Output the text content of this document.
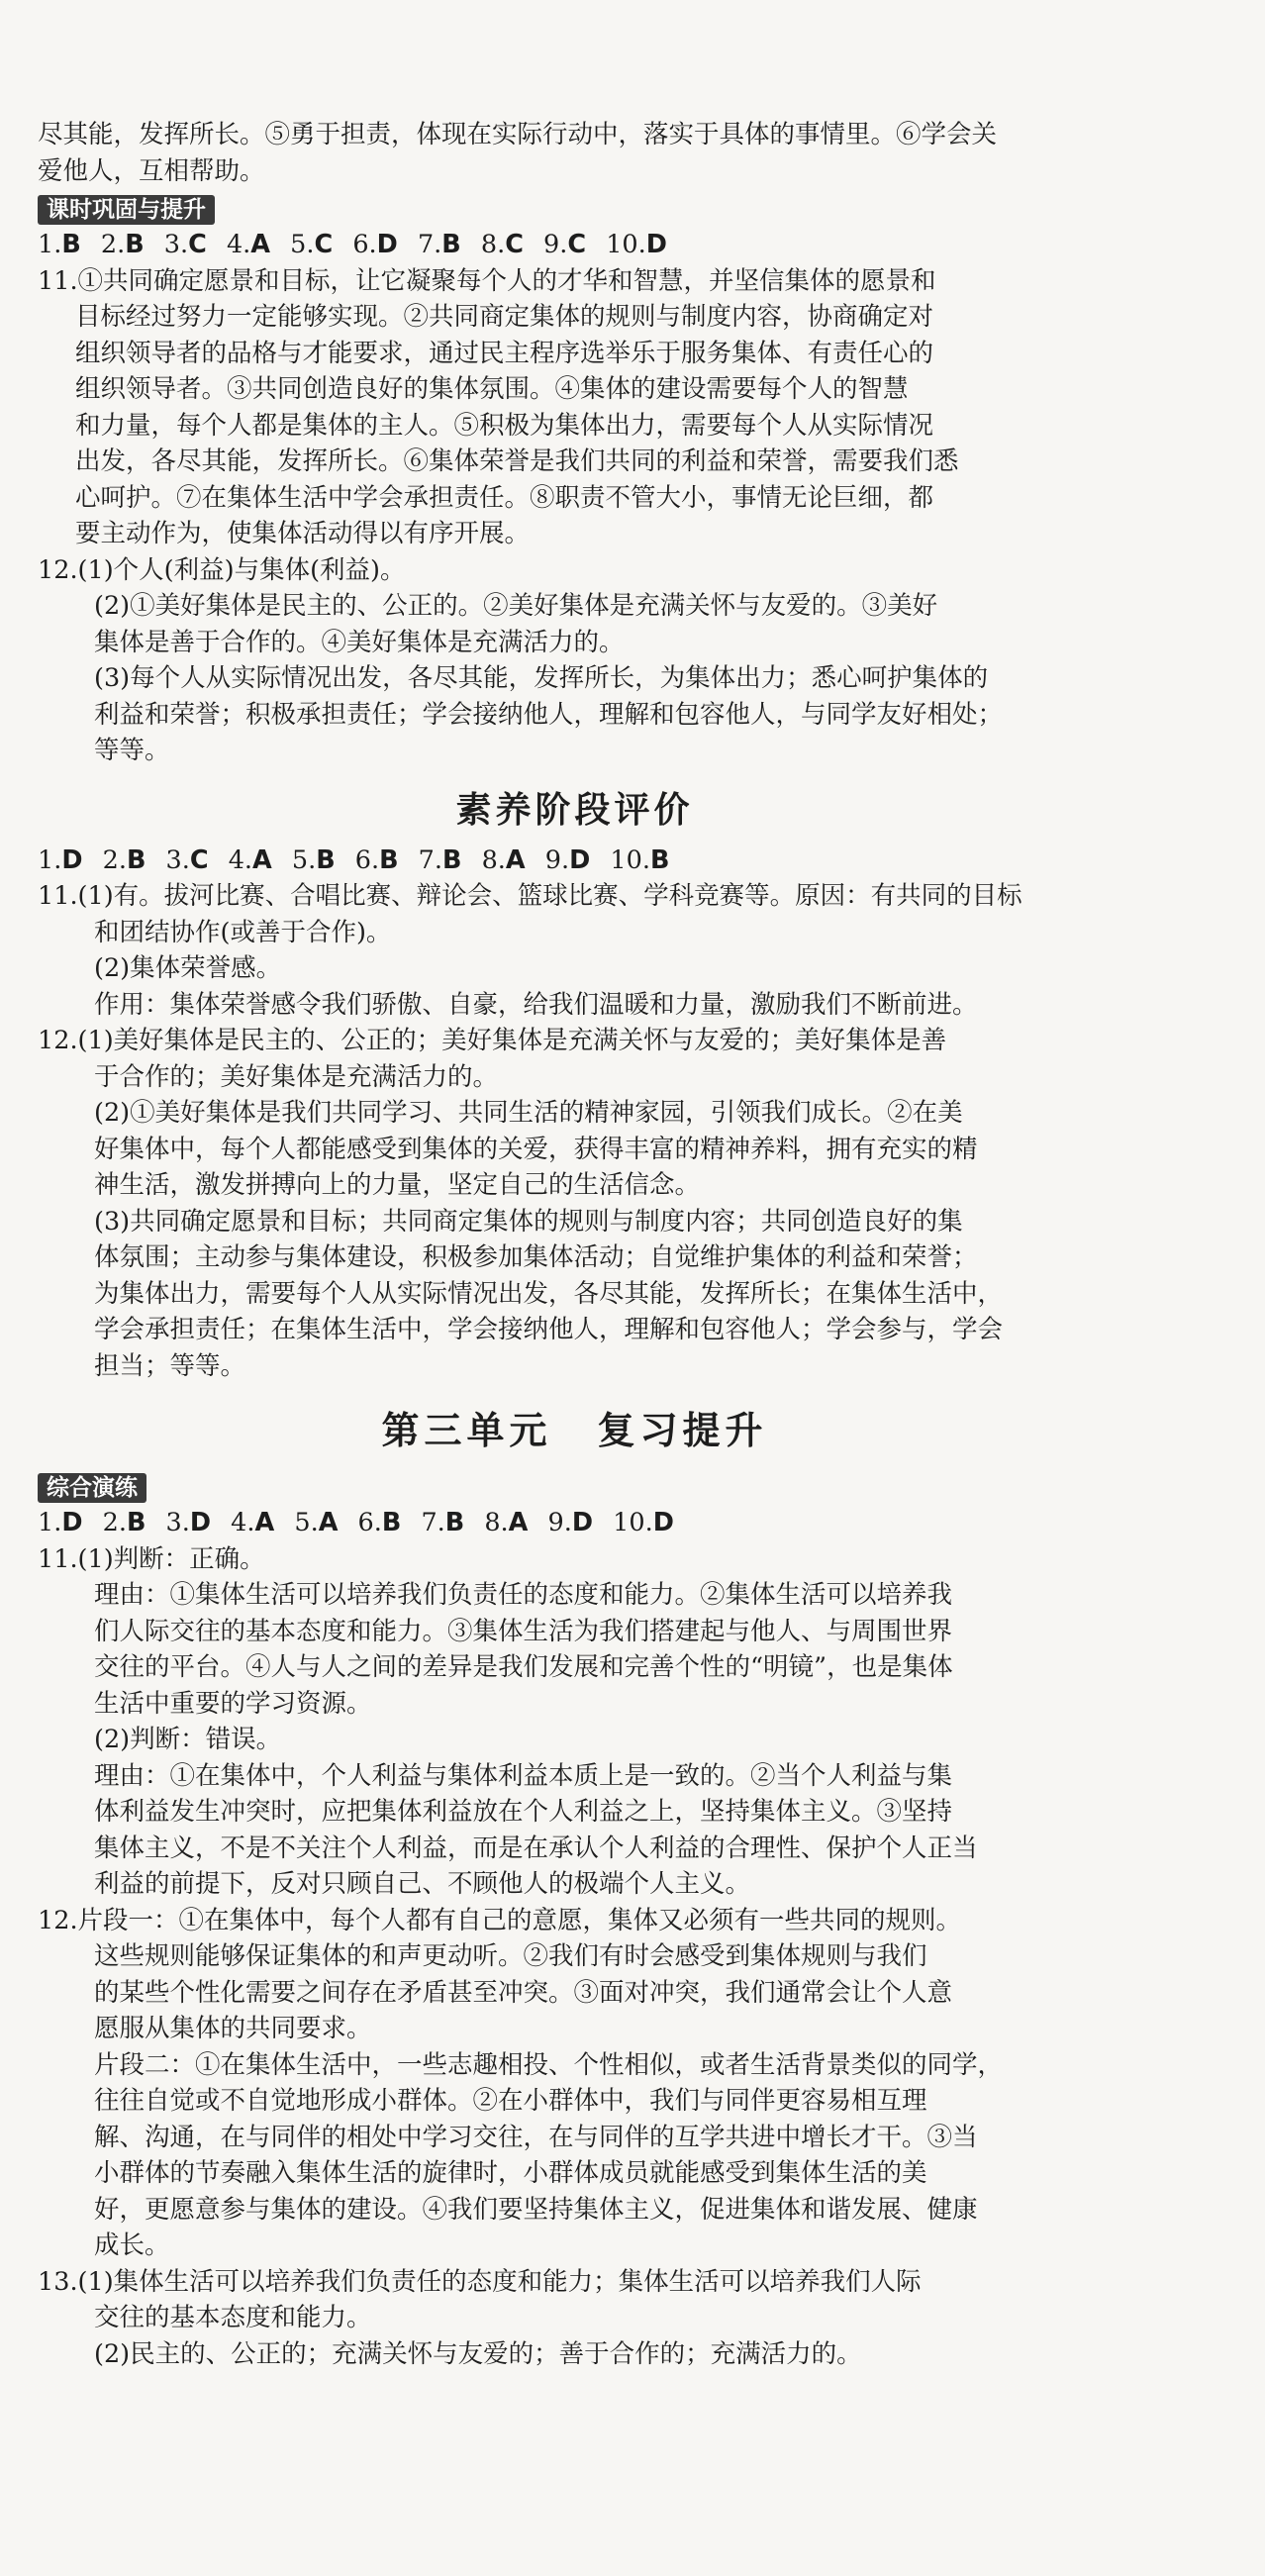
尽其能，发挥所长。⑤勇于担责，体现在实际行动中，落实于具体的事情里。⑥学会关
爱他人，互相帮助。
课时巩固与提升
1.B 2.B 3.C 4.A 5.C 6.D 7.B 8.C 9.C 10.D
11.①共同确定愿景和目标，让它凝聚每个人的才华和智慧，并坚信集体的愿景和
目标经过努力一定能够实现。②共同商定集体的规则与制度内容，协商确定对
组织领导者的品格与才能要求，通过民主程序选举乐于服务集体、有责任心的
组织领导者。③共同创造良好的集体氛围。④集体的建设需要每个人的智慧
和力量，每个人都是集体的主人。⑤积极为集体出力，需要每个人从实际情况
出发，各尽其能，发挥所长。⑥集体荣誉是我们共同的利益和荣誉，需要我们悉
心呵护。⑦在集体生活中学会承担责任。⑧职责不管大小，事情无论巨细，都
要主动作为，使集体活动得以有序开展。
12.(1)个人(利益)与集体(利益)。
(2)①美好集体是民主的、公正的。②美好集体是充满关怀与友爱的。③美好
集体是善于合作的。④美好集体是充满活力的。
(3)每个人从实际情况出发，各尽其能，发挥所长，为集体出力；悉心呵护集体的
利益和荣誉；积极承担责任；学会接纳他人，理解和包容他人，与同学友好相处；
等等。
素养阶段评价
1.D 2.B 3.C 4.A 5.B 6.B 7.B 8.A 9.D 10.B
11.(1)有。拔河比赛、合唱比赛、辩论会、篮球比赛、学科竞赛等。原因：有共同的目标
和团结协作(或善于合作)。
(2)集体荣誉感。
作用：集体荣誉感令我们骄傲、自豪，给我们温暖和力量，激励我们不断前进。
12.(1)美好集体是民主的、公正的；美好集体是充满关怀与友爱的；美好集体是善
于合作的；美好集体是充满活力的。
(2)①美好集体是我们共同学习、共同生活的精神家园，引领我们成长。②在美
好集体中，每个人都能感受到集体的关爱，获得丰富的精神养料，拥有充实的精
神生活，激发拼搏向上的力量，坚定自己的生活信念。
(3)共同确定愿景和目标；共同商定集体的规则与制度内容；共同创造良好的集
体氛围；主动参与集体建设，积极参加集体活动；自觉维护集体的利益和荣誉；
为集体出力，需要每个人从实际情况出发，各尽其能，发挥所长；在集体生活中，
学会承担责任；在集体生活中，学会接纳他人，理解和包容他人；学会参与，学会
担当；等等。
第三单元 复习提升
综合演练
1.D 2.B 3.D 4.A 5.A 6.B 7.B 8.A 9.D 10.D
11.(1)判断：正确。
理由：①集体生活可以培养我们负责任的态度和能力。②集体生活可以培养我
们人际交往的基本态度和能力。③集体生活为我们搭建起与他人、与周围世界
交往的平台。④人与人之间的差异是我们发展和完善个性的“明镜”，也是集体
生活中重要的学习资源。
(2)判断：错误。
理由：①在集体中，个人利益与集体利益本质上是一致的。②当个人利益与集
体利益发生冲突时，应把集体利益放在个人利益之上，坚持集体主义。③坚持
集体主义，不是不关注个人利益，而是在承认个人利益的合理性、保护个人正当
利益的前提下，反对只顾自己、不顾他人的极端个人主义。
12.片段一：①在集体中，每个人都有自己的意愿，集体又必须有一些共同的规则。
这些规则能够保证集体的和声更动听。②我们有时会感受到集体规则与我们
的某些个性化需要之间存在矛盾甚至冲突。③面对冲突，我们通常会让个人意
愿服从集体的共同要求。
片段二：①在集体生活中，一些志趣相投、个性相似，或者生活背景类似的同学，
往往自觉或不自觉地形成小群体。②在小群体中，我们与同伴更容易相互理
解、沟通，在与同伴的相处中学习交往，在与同伴的互学共进中增长才干。③当
小群体的节奏融入集体生活的旋律时，小群体成员就能感受到集体生活的美
好，更愿意参与集体的建设。④我们要坚持集体主义，促进集体和谐发展、健康
成长。
13.(1)集体生活可以培养我们负责任的态度和能力；集体生活可以培养我们人际
交往的基本态度和能力。
(2)民主的、公正的；充满关怀与友爱的；善于合作的；充满活力的。
